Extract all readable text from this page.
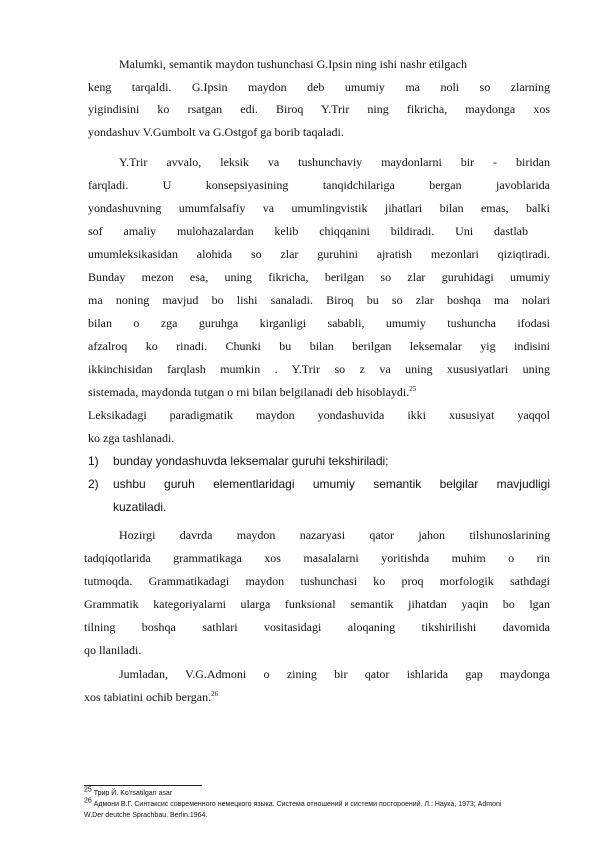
Malumki, semantik maydon tushunchasi G.Ipsin ning ishi nashr etilgach
keng tarqaldi. G.Ipsin maydon deb umumiy ma noli so zlarning
yigindisini ko rsatgan edi. Biroq Y.Trir ning fikricha, maydonga xos
yondashuv V.Gumbolt va G.Ostgof ga borib taqaladi.
Y.Trir avvalo, leksik va tushunchaviy maydonlarni bir - biridan
farqladi. U konsepsiyasining tanqidchilariga bergan javoblarida
yondashuvning umumfalsafiy va umumlingvistik jihatlari bilan emas, balki
sof amaliy mulohazalardan kelib chiqqanini bildiradi. Uni dastlab
umumleksikasidan alohida so zlar guruhini ajratish mezonlari qiziqtiradi.
Bunday mezon esa, uning fikricha, berilgan so zlar guruhidagi umumiy
ma noning mavjud bo lishi sanaladi. Biroq bu so zlar boshqa ma nolari
bilan o zga guruhga kirganligi sababli, umumiy tushuncha ifodasi
afzalroq ko rinadi. Chunki bu bilan berilgan leksemalar yig indisini
ikkinchisidan farqlash mumkin . Y.Trir so z va uning xususiyatlari uning
sistemada, maydonda tutgan o rni bilan belgilanadi deb hisoblaydi.$^{25}$
Leksikadagi paradigmatik maydon yondashuvida ikki xususiyat yaqqol
ko zga tashlanadi.
1) bunday yondashuvda leksemalar guruhi tekshiriladi;
2) ushbu guruh elementlaridagi umumiy semantik belgilar mavjudligi
kuzatiladi.
Hozirgi davrda maydon nazaryasi qator jahon tilshunoslarining
tadqiqotlarida grammatikaga xos masalalarni yoritishda muhim o rin
tutmoqda. Grammatikadagi maydon tushunchasi ko proq morfologik sathdagi
Grammatik kategoriyalarni ularga funksional semantik jihatdan yaqin bo lgan
tilning boshqa sathlari vositasidagi aloqaning tikshirilishi davomida
qo llaniladi.
Jumladan, V.G.Admoni o zining bir qator ishlarida gap maydonga
xos tabiatini ochib bergan.$^{26}$
$^{25}$ Трир Й. Ko'rsatilgan asar
$^{26}$ Адмони В.Г. Синтаксис современного немецкого языка. Система отношений и системи постороений. Л.: Наука, 1973; Admoni
W.Der deutche Sprachbau. Berlin.1964.
